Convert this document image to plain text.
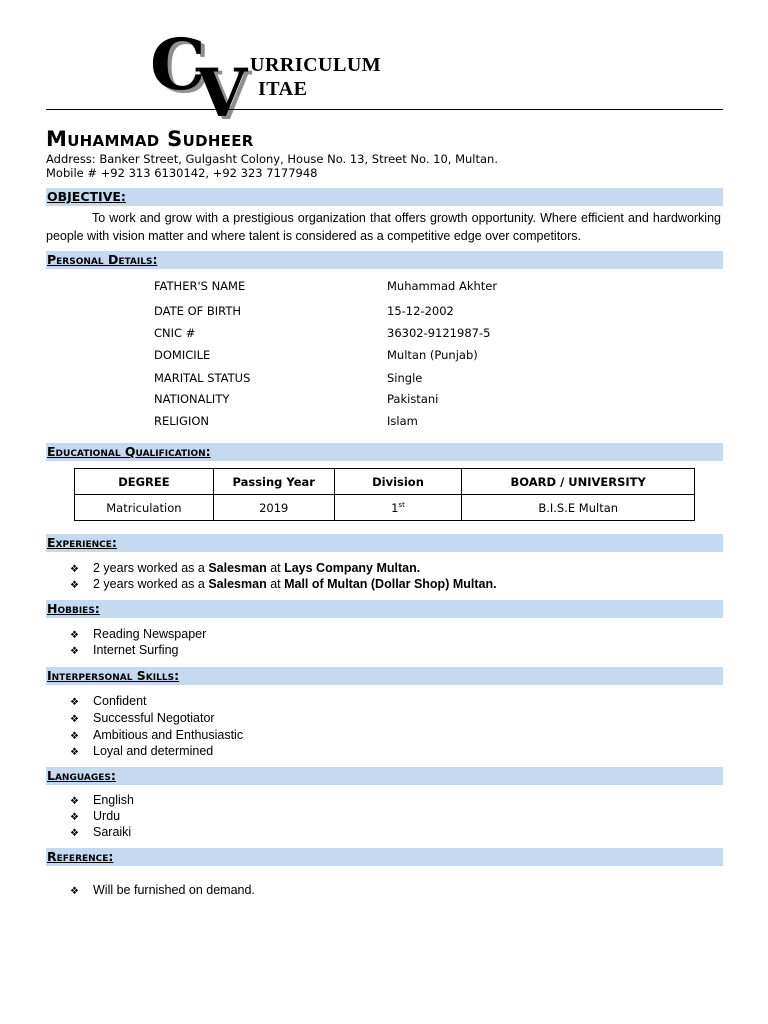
C
V URRICULUM
ITAE
Muhammad Sudheer
Address: Banker Street, Gulgasht Colony, House No. 13, Street No. 10, Multan.
Mobile # +92 313 6130142, +92 323 7177948
OBJECTIVE:
To work and grow with a prestigious organization that offers growth opportunity. Where efficient and hardworking people with vision matter and where talent is considered as a competitive edge over competitors.
Personal Details:
FATHER'S NAME	Muhammad Akhter
DATE OF BIRTH	15-12-2002
CNIC #	36302-9121987-5
DOMICILE	Multan (Punjab)
MARITAL STATUS	Single
NATIONALITY	Pakistani
RELIGION	Islam
Educational Qualification:
DEGREE	Passing Year	Division	BOARD / UNIVERSITY
Matriculation	2019	1st	B.I.S.E Multan
Experience:
❖ 2 years worked as a Salesman at Lays Company Multan.
❖ 2 years worked as a Salesman at Mall of Multan (Dollar Shop) Multan.
Hobbies:
❖ Reading Newspaper
❖ Internet Surfing
Interpersonal Skills:
❖ Confident
❖ Successful Negotiator
❖ Ambitious and Enthusiastic
❖ Loyal and determined
Languages:
❖ English
❖ Urdu
❖ Saraiki
Reference:
❖ Will be furnished on demand.
